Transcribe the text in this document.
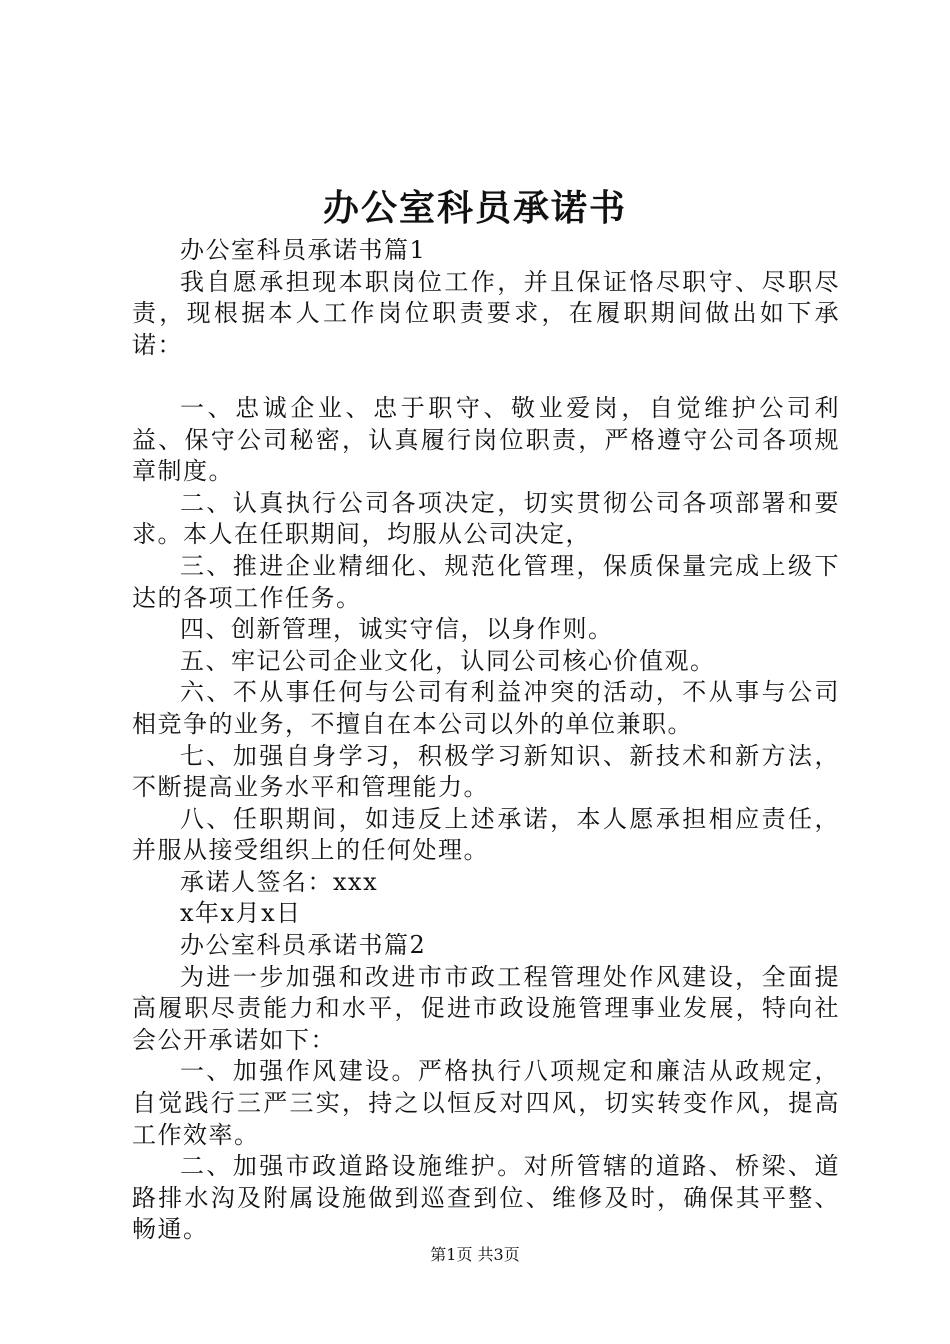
办公室科员承诺书

办公室科员承诺书篇1

我自愿承担现本职岗位工作，并且保证恪尽职守、尽职尽责，现根据本人工作岗位职责要求，在履职期间做出如下承诺：

一、忠诚企业、忠于职守、敬业爱岗，自觉维护公司利益、保守公司秘密，认真履行岗位职责，严格遵守公司各项规章制度。

二、认真执行公司各项决定，切实贯彻公司各项部署和要求。本人在任职期间，均服从公司决定，

三、推进企业精细化、规范化管理，保质保量完成上级下达的各项工作任务。

四、创新管理，诚实守信，以身作则。

五、牢记公司企业文化，认同公司核心价值观。

六、不从事任何与公司有利益冲突的活动，不从事与公司相竞争的业务，不擅自在本公司以外的单位兼职。

七、加强自身学习，积极学习新知识、新技术和新方法，不断提高业务水平和管理能力。

八、任职期间，如违反上述承诺，本人愿承担相应责任，并服从接受组织上的任何处理。

承诺人签名：xxx

x年x月x日

办公室科员承诺书篇2

为进一步加强和改进市市政工程管理处作风建设，全面提高履职尽责能力和水平，促进市政设施管理事业发展，特向社会公开承诺如下：

一、加强作风建设。严格执行八项规定和廉洁从政规定，自觉践行三严三实，持之以恒反对四风，切实转变作风，提高工作效率。

二、加强市政道路设施维护。对所管辖的道路、桥梁、道路排水沟及附属设施做到巡查到位、维修及时，确保其平整、畅通。

第1页 共3页
